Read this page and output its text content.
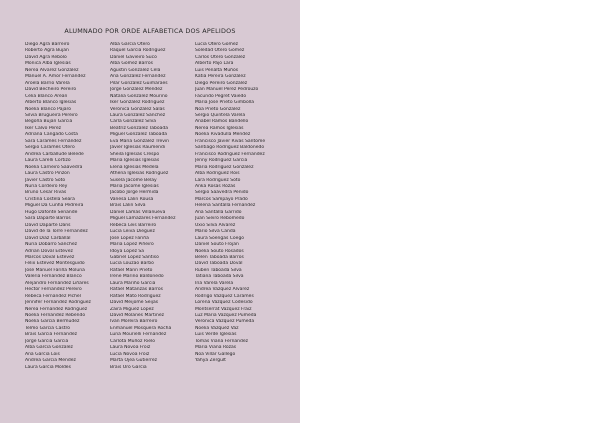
ALUMNADO POR ORDE ALFABETICA DOS APELIDOS
Diego Agra Barreiro
Roberto Agra Bujan
David Agra Rebolo
Monica Alba Iglesias
Nerea Alvarez Gonzalez
Manuel A. Amor Fernandez
Aroela Barrio Varela
David Becheiro Pereiro
Celia Blanco Arean
Alberto Blanco Iglesias
Noelia Blanco Pajaro
Silvia Brugueira Pereiro
Begoña Bujan Garcia
Iker Calvo Perez
Adriana Cangado Costa
Sara Caramés Fernández
Sergio Caramés Otero
Andrea Carballude Belede
Laura Carelli Cortizo
Noelia Carneiro Saavedra
Laura Castro Pinzon
Javier Castro Soto
Nuria Cordeiro Rey
Bruno Cesar Rivas
Cristina Costela Seara
Miguel Da Cunha Pedreira
Hugo Dafonte Senande
Sara Daparte Barros
David Daparte Dans
David de la Torre Fernandez
David Diaz Carballal
Nuria Dobarro Sanchez
Adrian Doval Estevez
Marcos Doval Estevez
Felix Estevez Montesguido
Jose Manuel Fariña Moluna
Valeria Fernandez Blanco
Alejandro Fernandez Liñares
Hector Fernandez Pereiro
Rebeca Fernandez Pichel
Jennifer Fernandez Rodriguez
Nerea Fernandez Rodriguez
Noelia Fernandez Rebendo
Noelia Garcia Bermudez
Telmo Garcia Castro
Brais Garcia Fernandez
Jorge Garcia Garcia
Alba Garcia Gonzalez
Ana Garcia Lois
Andrea Garcia Mendez
Laura Garcia Moldes
Alba Garcia Otero
Raquel Garcia Rodriguez
Daniel Gavieiro Suco
Alba Gomez Barros
Agustin Gonzalez Cela
Ana Gonzalez Fernandez
Pilar Gonzalez Guimaraes
Jorge Gonzalez Mendez
Natalia Gonzalez Mourino
Iker Gonzalez Rodriguez
Veronica Gonzalez Salas
Laura Gonzalez Sanchez
Carla Gonzalez Silva
Beatriz Gonzalez Taboada
Miguel Gonzalez Taboada
Eva Maria Gonzalez Trevin
Javier Iglesias Raumendi
Sheila Iglesias Crespo
Maria Iglesias Iglesias
Elena Iglesias Medela
Athena Iglesias Rodriguez
Susela Jacome Belay
Maria Jacome Iglesias
Jacobo Jorge Hermida
Vanesa Lalin Rousa
Brais Lalin Silva
Daniel Lamas Villanueva
Miguel Lamazares Fernandez
Rebeca Leis Barreiro
Lucia Leiva Dieguez
Jose Lopez Fariña
Maria Lopez Piñeiro
Idoya Lopez Sa
Gabriel Lopez Santiso
Lucia Louzao Barbo
Rafael Mann Prieto
Irene Marino Baldonedo
Laura Mariño Garcia
Rafael Matanzas Barros
Rafael Mato Rodriguez
David Meijome Seijas
Zaira Miguez Lopez
David Molanes Martinez
Ivan Moreira Barreiro
Enmanuel Mosquera Rocha
Luna Mourielli Fernandez
Carlota Muñoz Rielo
Laura Novoa Froiz
Lucia Novoa Froiz
Marta Ojea Gutierrez
Brais Oro Garcia
Lucia Otero Gomez
Soledad Otero Gomez
Carlos Otero Gonzalez
Alberto Pajo Lara
Luis Penalta Muños
Katia Pereira Gonzalez
Diego Pereiro Gonzalez
Juan Manuel Perez Pedrouzo
Facundo Pegret Vaiedo
Maria Jose Prieto Gimbolla
Noa Prieto Gonzalez
Sergio Quintela Varela
Anabel Ramos Bandello
Nerea Ramos Iglesias
Noelia Rivadulla Mendez
Francisco Javier Rivas Santome
Santiago Rodriguez Baldonedo
Francisco Rodriguez Fernandez
Jenny Rodriguez Garcia
Maria Rodriguez Gonzalez
Alba Rodriguez Rois
Lara Rodriguez Soto
Anka Rosas Rozas
Sergio Saavedra Penido
Marcos Sampayo Prado
Helena Santalla Fernandez
Ana Santalla Garrido
Juan Sieiro Rebomedo
Uxio Silva Alvarez
Mario Silva Canda
Laura Soengas Coego
Daniel Souto Frojan
Noelia Souto Rosados
Belen Taboada Barros
David Taboada Doval
Ruben Taboada Silva
Tatiana Taboada Silva
Iria Varela Varela
Andrea Vazquez Alvarez
Rodrigo Vazquez Caramés
Lorena Vazquez Codesido
Montserrat Vazquez Fraiz
Luz Maria Vazquez Pumeda
Veronica Vazquez Pumeda
Noelia Vazquez Vaz
Luis Verde Iglesias
Tomas Viana Fernandez
Maria Viana Rozas
Noa Villar Gallego
Yahya Zergult
